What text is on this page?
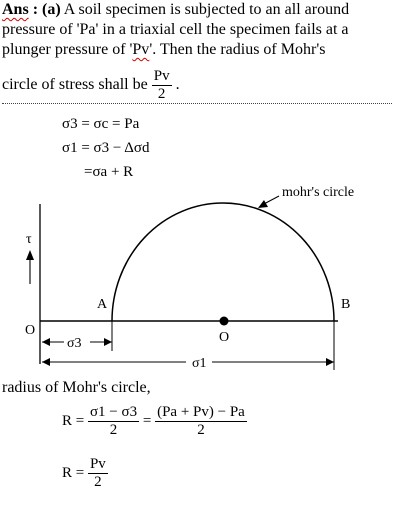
Ans : (a) A soil specimen is subjected to an all around
pressure of 'Pa' in a triaxial cell the specimen fails at a
plunger pressure of 'Pv'. Then the radius of Mohr's
circle of stress shall be $\frac{Pv}{2}$ .
σ3 = σc = Pa
σ1 = σ3 − Δσd
=σa + R
τ
mohr's circle
A	B
O	O
σ3
σ1
radius of Mohr's circle,
$R = \frac{\sigma 1 - \sigma 3}{2} = \frac{(Pa + Pv) - Pa}{2}$
$R = \frac{Pv}{2}$
